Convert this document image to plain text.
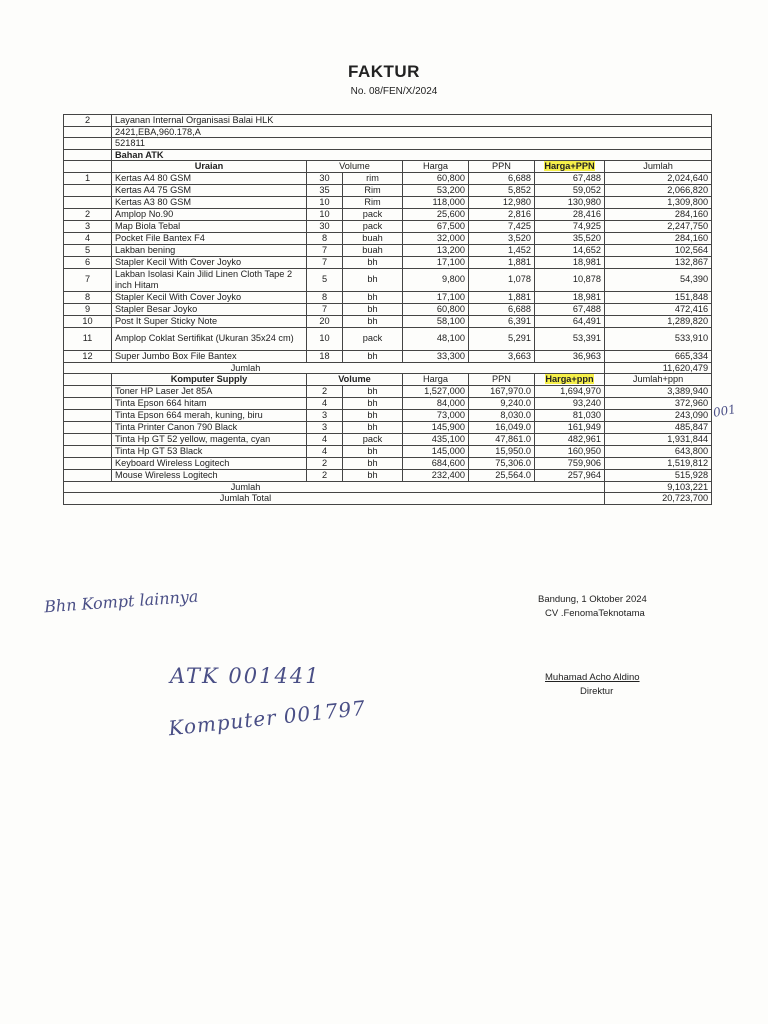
FAKTUR
No. 08/FEN/X/2024
2	Layanan Internal Organisasi Balai HLK						
	2421,EBA,960.178,A						
	521811						
	Bahan ATK						
	Uraian	Volume		Harga	PPN	Harga+PPN	Jumlah
1	Kertas A4 80 GSM	30	rim	60,800	6,688	67,488	2,024,640
	Kertas A4 75 GSM	35	Rim	53,200	5,852	59,052	2,066,820
	Kertas A3 80 GSM	10	Rim	118,000	12,980	130,980	1,309,800
2	Amplop No.90	10	pack	25,600	2,816	28,416	284,160
3	Map Biola Tebal	30	pack	67,500	7,425	74,925	2,247,750
4	Pocket File Bantex F4	8	buah	32,000	3,520	35,520	284,160
5	Lakban bening	7	buah	13,200	1,452	14,652	102,564
6	Stapler Kecil With Cover Joyko	7	bh	17,100	1,881	18,981	132,867
7	Lakban Isolasi Kain Jilid Linen Cloth Tape 2 inch Hitam	5	bh	9,800	1,078	10,878	54,390
8	Stapler Kecil With Cover Joyko	8	bh	17,100	1,881	18,981	151,848
9	Stapler Besar Joyko	7	bh	60,800	6,688	67,488	472,416
10	Post It Super Sticky Note	20	bh	58,100	6,391	64,491	1,289,820
11	Amplop Coklat Sertifikat (Ukuran 35x24 cm)	10	pack	48,100	5,291	53,391	533,910
12	Super Jumbo Box File Bantex	18	bh	33,300	3,663	36,963	665,334
Jumlah							11,620,479
	Komputer Supply	Volume		Harga	PPN	Harga+ppn	Jumlah+ppn
	Toner HP Laser Jet 85A	2	bh	1,527,000	167,970.0	1,694,970	3,389,940
	Tinta Epson 664 hitam	4	bh	84,000	9,240.0	93,240	372,960
	Tinta Epson 664 merah, kuning, biru	3	bh	73,000	8,030.0	81,030	243,090
	Tinta Printer Canon 790 Black	3	bh	145,900	16,049.0	161,949	485,847
	Tinta Hp GT 52 yellow, magenta, cyan	4	pack	435,100	47,861.0	482,961	1,931,844
	Tinta Hp GT 53 Black	4	bh	145,000	15,950.0	160,950	643,800
	Keyboard Wireless Logitech	2	bh	684,600	75,306.0	759,906	1,519,812
	Mouse Wireless Logitech	2	bh	232,400	25,564.0	257,964	515,928
Jumlah							9,103,221
Jumlah Total							20,723,700
Bandung, 1 Oktober 2024
CV .FenomaTeknotama
Muhamad Acho Aldino
Direktur
001
Bhn Kompt lainnya
ATK 001441
Komputer 001797
